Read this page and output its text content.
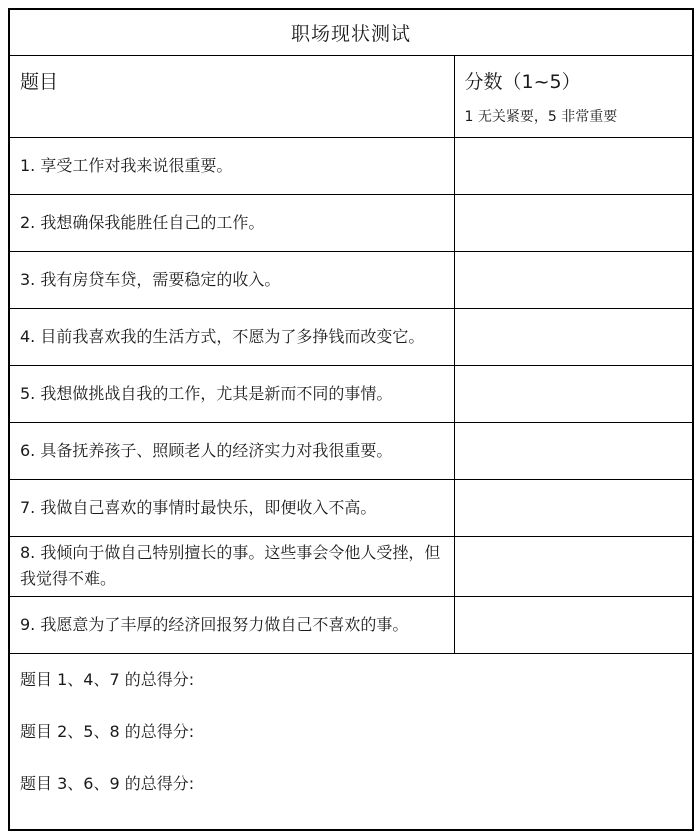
职场现状测试	

题目	分数（1~5）
1 无关紧要，5 非常重要

1. 享受工作对我来说很重要。	
2. 我想确保我能胜任自己的工作。	
3. 我有房贷车贷，需要稳定的收入。	
4. 目前我喜欢我的生活方式，不愿为了多挣钱而改变它。	
5. 我想做挑战自我的工作，尤其是新而不同的事情。	
6. 具备抚养孩子、照顾老人的经济实力对我很重要。	
7. 我做自己喜欢的事情时最快乐，即便收入不高。	
8. 我倾向于做自己特别擅长的事。这些事会令他人受挫，但我觉得不难。	
9. 我愿意为了丰厚的经济回报努力做自己不喜欢的事。	

题目 1、4、7 的总得分:
题目 2、5、8 的总得分:
题目 3、6、9 的总得分:	
